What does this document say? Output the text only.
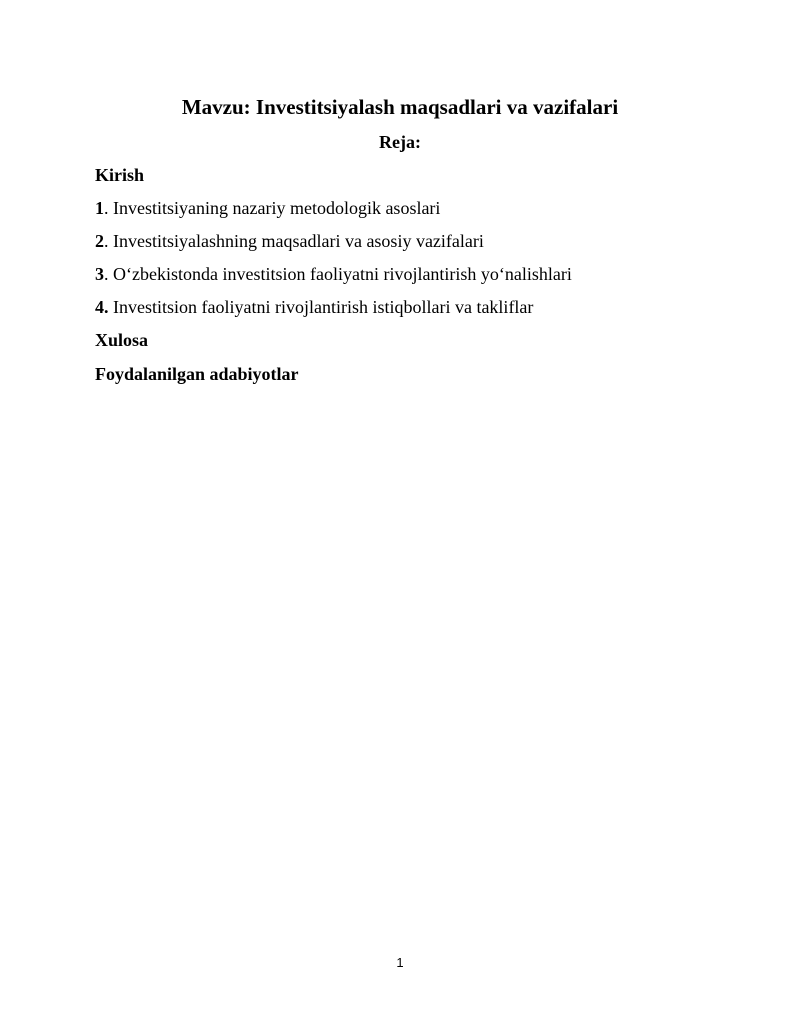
Mavzu: Investitsiyalash maqsadlari va vazifalari
Reja:

Kirish

1. Investitsiyaning nazariy metodologik asoslari

2. Investitsiyalashning maqsadlari va asosiy vazifalari

3. O‘zbekistonda investitsion faoliyatni rivojlantirish yo‘nalishlari

4. Investitsion faoliyatni rivojlantirish istiqbollari va takliflar

Xulosa

Foydalanilgan adabiyotlar

1
